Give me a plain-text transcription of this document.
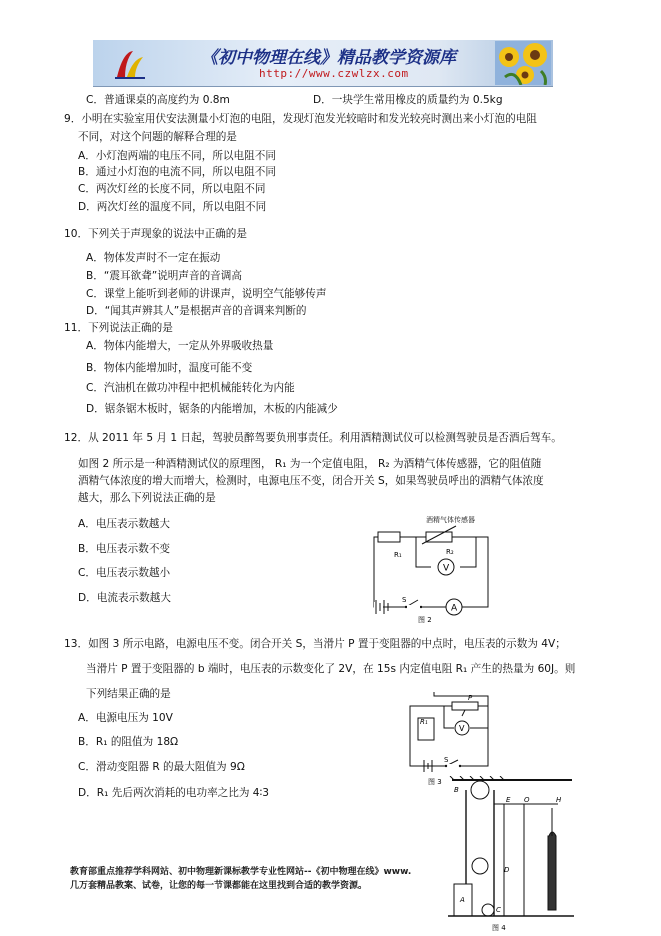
《初中物理在线》精品教学资源库
http://www.czwlzx.com
C．普通课桌的高度约为 0.8m	D．一块学生常用橡皮的质量约为 0.5kg
9．小明在实验室用伏安法测量小灯泡的电阻，发现灯泡发光较暗时和发光较亮时测出来小灯泡的电阻
不同，对这个问题的解释合理的是
A．小灯泡两端的电压不同，所以电阻不同
B．通过小灯泡的电流不同，所以电阻不同
C．两次灯丝的长度不同，所以电阻不同
D．两次灯丝的温度不同，所以电阻不同
10．下列关于声现象的说法中正确的是
A．物体发声时不一定在振动
B．“震耳欲聋”说明声音的音调高
C．课堂上能听到老师的讲课声，说明空气能够传声
D．“闻其声辨其人”是根据声音的音调来判断的
11．下列说法正确的是
A．物体内能增大，一定从外界吸收热量
B．物体内能增加时，温度可能不变
C．汽油机在做功冲程中把机械能转化为内能
D．锯条锯木板时，锯条的内能增加，木板的内能减少
12．从 2011 年 5 月 1 日起，驾驶员醉驾要负刑事责任。利用酒精测试仪可以检测驾驶员是否酒后驾车。
如图 2 所示是一种酒精测试仪的原理图， R₁ 为一个定值电阻， R₂ 为酒精气体传感器，它的阻值随
酒精气体浓度的增大而增大，检测时，电源电压不变，闭合开关 S，如果驾驶员呼出的酒精气体浓度
越大，那么下列说法正确的是
A．电压表示数越大
B．电压表示数不变
C．电压表示数越小
D．电流表示数越大
13．如图 3 所示电路，电源电压不变。闭合开关 S，当滑片 P 置于变阻器的中点时，电压表的示数为 4V；
当滑片 P 置于变阻器的 b 端时，电压表的示数变化了 2V，在 15s 内定值电阻 R₁ 产生的热量为 60J。则
下列结果正确的是
A．电源电压为 10V
B．R₁ 的阻值为 18Ω
C．滑动变阻器 R 的最大阻值为 9Ω
D．R₁ 先后两次消耗的电功率之比为 4∶3
酒精气体传感器
R₁	R₂
V
S
A
图 2
R₁
P
V
S
图 3
B
E O	H
D
A
C
图 4
教育部重点推荐学科网站、初中物理新课标教学专业性网站--《初中物理在线》www.
几万套精品教案、试卷，让您的每一节课都能在这里找到合适的教学资源。
